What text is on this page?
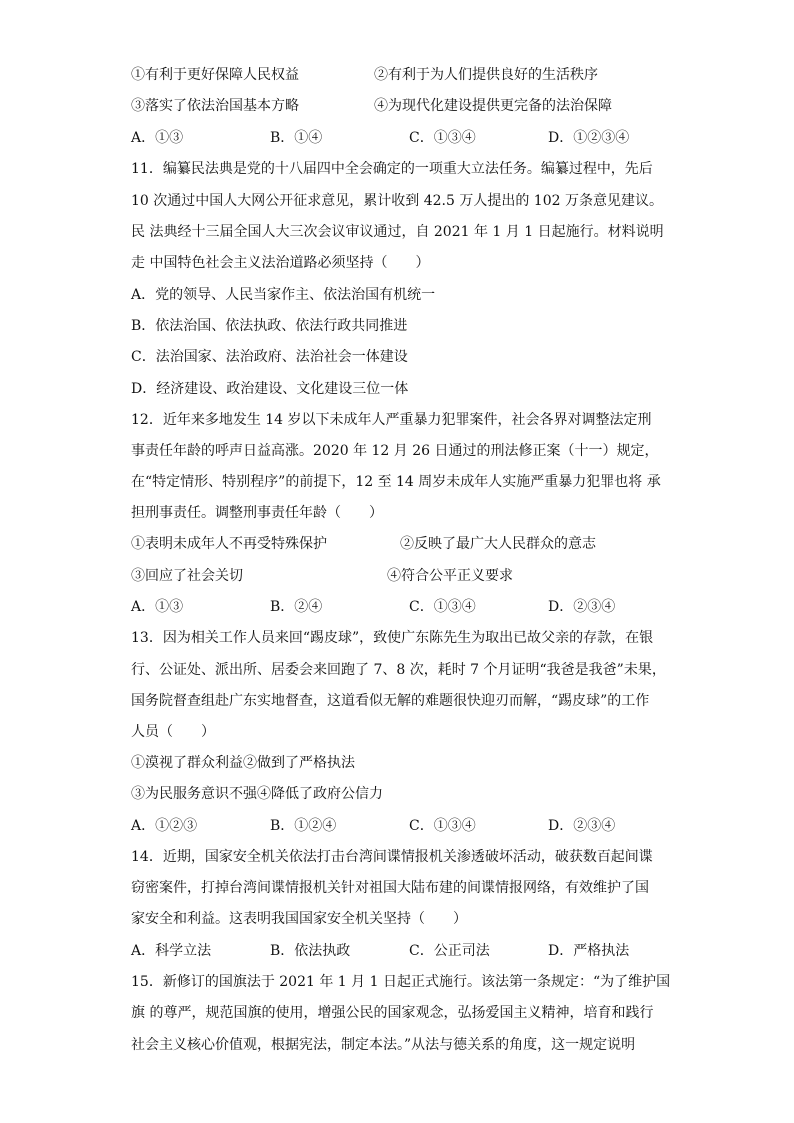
①有利于更好保障人民权益	②有利于为人们提供良好的生活秩序
③落实了依法治国基本方略	④为现代化建设提供更完备的法治保障
A．①③	B．①④	C．①③④	D．①②③④
11．编纂民法典是党的十八届四中全会确定的一项重大立法任务。编纂过程中，先后
10 次通过中国人大网公开征求意见，累计收到 42.5 万人提出的 102 万条意见建议。
民 法典经十三届全国人大三次会议审议通过，自 2021 年 1 月 1 日起施行。材料说明
走 中国特色社会主义法治道路必须坚持（　　）
A．党的领导、人民当家作主、依法治国有机统一
B．依法治国、依法执政、依法行政共同推进
C．法治国家、法治政府、法治社会一体建设
D．经济建设、政治建设、文化建设三位一体
12．近年来多地发生 14 岁以下未成年人严重暴力犯罪案件，社会各界对调整法定刑
事责任年龄的呼声日益高涨。2020 年 12 月 26 日通过的刑法修正案（十一）规定，
在“特定情形、特别程序”的前提下，12 至 14 周岁未成年人实施严重暴力犯罪也将 承
担刑事责任。调整刑事责任年龄（　　）
①表明未成年人不再受特殊保护	②反映了最广大人民群众的意志
③回应了社会关切	④符合公平正义要求
A．①③	B．②④	C．①③④	D．②③④
13．因为相关工作人员来回“踢皮球”，致使广东陈先生为取出已故父亲的存款，在银
行、公证处、派出所、居委会来回跑了 7、8 次，耗时 7 个月证明“我爸是我爸”未果，
国务院督查组赴广东实地督查，这道看似无解的难题很快迎刃而解，“踢皮球”的工作
人员（　　）
①漠视了群众利益②做到了严格执法
③为民服务意识不强④降低了政府公信力
A．①②③	B．①②④	C．①③④	D．②③④
14．近期，国家安全机关依法打击台湾间谍情报机关渗透破坏活动，破获数百起间谍
窃密案件，打掉台湾间谍情报机关针对祖国大陆布建的间谍情报网络，有效维护了国
家安全和利益。这表明我国国家安全机关坚持（　　）
A．科学立法	B．依法执政	C．公正司法	D．严格执法
15．新修订的国旗法于 2021 年 1 月 1 日起正式施行。该法第一条规定：“为了维护国
旗 的尊严，规范国旗的使用，增强公民的国家观念，弘扬爱国主义精神，培育和践行
社会主义核心价值观，根据宪法，制定本法。”从法与德关系的角度，这一规定说明
